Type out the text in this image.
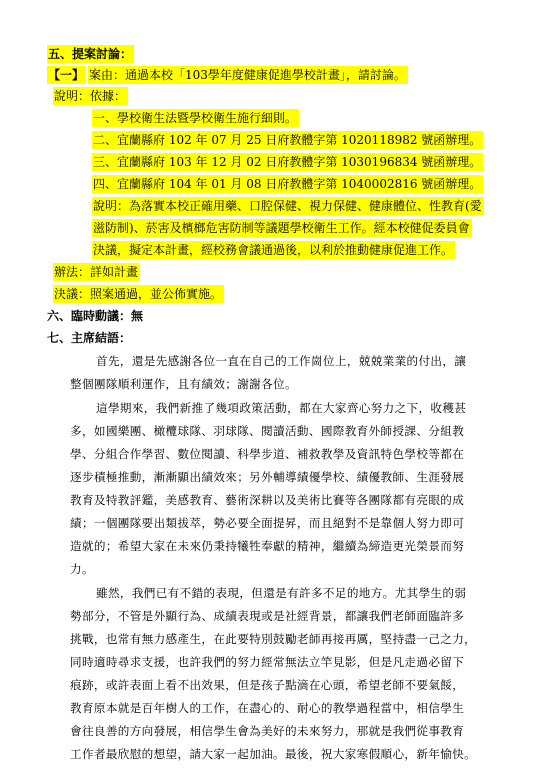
五、提案討論：
【一】 案由：通過本校「103學年度健康促進學校計畫」，請討論。
說明：依據：
一、學校衛生法暨學校衛生施行細則。
二、宜蘭縣府 102 年 07 月 25 日府教體字第 1020118982 號函辦理。
三、宜蘭縣府 103 年 12 月 02 日府教體字第 1030196834 號函辦理。
四、宜蘭縣府 104 年 01 月 08 日府教體字第 1040002816 號函辦理。
說明：為落實本校正確用藥、口腔保健、視力保健、健康體位、性教育(愛
滋防制)、菸害及檳榔危害防制等議題學校衛生工作。經本校健促委員會
決議，擬定本計畫，經校務會議通過後，以利於推動健康促進工作。
辦法：詳如計畫
決議：照案通過，並公佈實施。
六、臨時動議：無
七、主席結語：
首先，還是先感謝各位一直在自己的工作崗位上，兢兢業業的付出，讓
整個團隊順利運作，且有績效；謝謝各位。
這學期來，我們新推了幾項政策活動，都在大家齊心努力之下，收穫甚
多，如國樂團、橄欖球隊、羽球隊、閱讀活動、國際教育外師授課、分組教
學、分組合作學習、數位閱讀、科學步道、補救教學及資訊特色學校等都在
逐步積極推動，漸漸顯出績效來；另外輔導績優學校、績優教師、生涯發展
教育及特教評鑑，美感教育、藝術深耕以及美術比賽等各團隊都有亮眼的成
績；一個團隊要出類拔萃，勢必要全面提昇，而且絕對不是靠個人努力即可
造就的；希望大家在未來仍秉持犧牲奉獻的精神，繼續為締造更光榮景而努
力。
雖然，我們已有不錯的表現，但還是有許多不足的地方。尤其學生的弱
勢部分，不管是外顯行為、成績表現或是社經背景，都讓我們老師面臨許多
挑戰，也常有無力感產生，在此要特別鼓勵老師再接再厲，堅持盡一己之力，
同時適時尋求支援，也許我們的努力經常無法立竿見影，但是凡走過必留下
痕跡，或許表面上看不出效果，但是孩子點滴在心頭，希望老師不要氣餒，
教育原本就是百年樹人的工作，在盡心的、耐心的教學過程當中，相信學生
會往良善的方向發展，相信學生會為美好的未來努力，那就是我們從事教育
工作者最欣慰的想望，請大家一起加油。最後，祝大家寒假順心，新年愉快。
